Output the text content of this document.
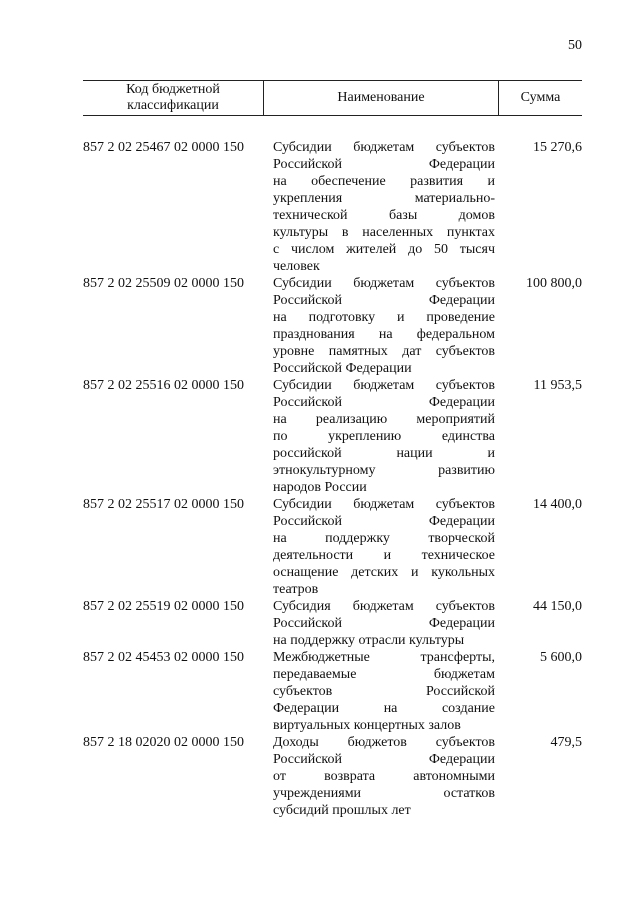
50
Код бюджетной классификации
Наименование	Сумма
857 2 02 25467 02 0000 150 Субсидии бюджетам субъектов
Российской Федерации
на обеспечение развития и
укрепления материально-
технической базы домов
культуры в населенных пунктах
с числом жителей до 50 тысяч
человек
15 270,6
857 2 02 25509 02 0000 150 Субсидии бюджетам субъектов
Российской Федерации
на подготовку и проведение
празднования на федеральном
уровне памятных дат субъектов
Российской Федерации
100 800,0
857 2 02 25516 02 0000 150 Субсидии бюджетам субъектов
Российской Федерации
на реализацию мероприятий
по укреплению единства
российской нации и
этнокультурному развитию
народов России
11 953,5
857 2 02 25517 02 0000 150 Субсидии бюджетам субъектов
Российской Федерации
на поддержку творческой
деятельности и техническое
оснащение детских и кукольных
театров
14 400,0
857 2 02 25519 02 0000 150 Субсидия бюджетам субъектов
Российской Федерации
на поддержку отрасли культуры
44 150,0
857 2 02 45453 02 0000 150 Межбюджетные трансферты,
передаваемые бюджетам
субъектов Российской
Федерации на создание
виртуальных концертных залов
5 600,0
857 2 18 02020 02 0000 150 Доходы бюджетов субъектов
Российской Федерации
от возврата автономными
учреждениями остатков
субсидий прошлых лет
479,5
